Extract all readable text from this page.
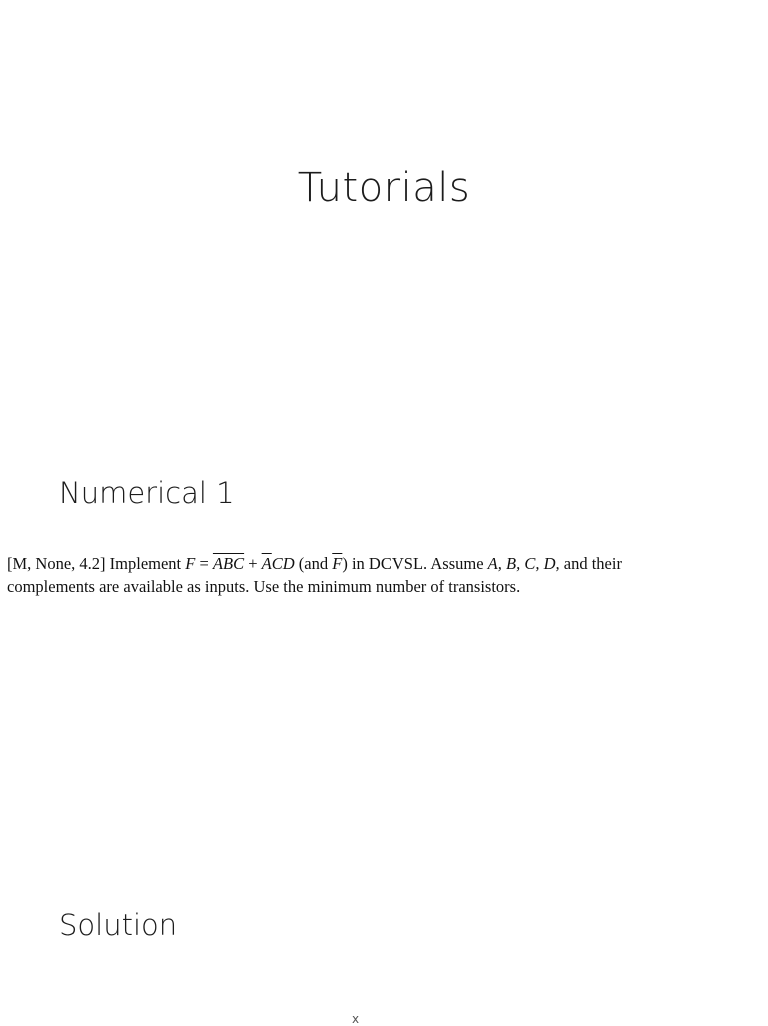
Tutorials
Numerical 1
[M, None, 4.2] Implement $F = \overline{ABC} + \overline{A}CD$ (and $\overline{F}$) in DCVSL. Assume A, B, C, D, and their
complements are available as inputs. Use the minimum number of transistors.
Solution
x
